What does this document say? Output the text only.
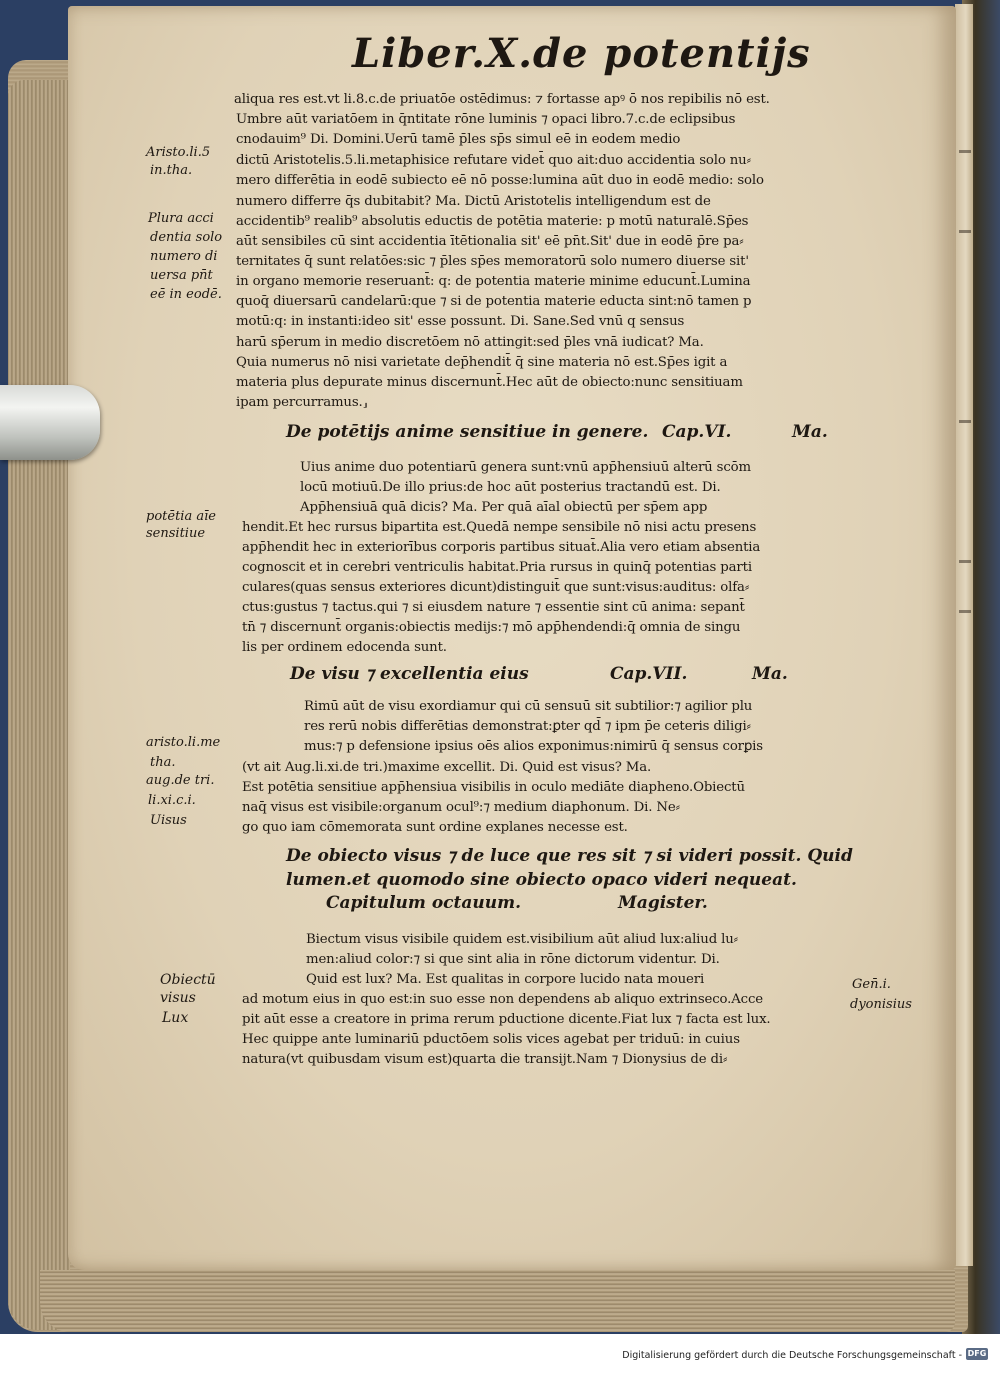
Liber.X.de potentijs
aliqua res est.vt li.8.c.de priuatōe ostēdimus: ⁊ fortasse apꝰ ō nos repibilis nō est.
Umbre aūt variatōem in q̄ntitate rōne luminis ⁊ opaci libro.7.c.de eclipsibus
cnodauim⁹ Di. Domini.Uerū tamē p̄les sp̄s simul eē in eodem medio
dictū Aristotelis.5.li.metaphisice refutare videt̄ quo ait:duo accidentia solo nu⸗
mero differētia in eodē subiecto eē nō posse:lumina aūt duo in eodē medio: solo
numero differre q̄s dubitabit? Ma. Dictū Aristotelis intelligendum est de
accidentib⁹ realib⁹ absolutis eductis de potētia materie: p motū naturalē.Sp̄es
aūt sensibiles cū sint accidentia ītētionalia sit' eē pn̄t.Sit' due in eodē p̄re pa⸗
ternitates q̄ sunt relatōes:sic ⁊ p̄les sp̄es memoratorū solo numero diuerse sit'
in organo memorie reseruant̄: q: de potentia materie minime educunt̄.Lumina
quoq̄ diuersarū candelarū:que ⁊ si de potentia materie educta sint:nō tamen p
motū:q: in instanti:ideo sit' esse possunt. Di. Sane.Sed vnū q sensus
harū sp̄erum in medio discretōem nō attingit:sed p̄les vnā iudicat? Ma.
Quia numerus nō nisi varietate dep̄hendit̄ q̄ sine materia nō est.Sp̄es igit a
materia plus depurate minus discernunt̄.Hec aūt de obiecto:nunc sensitiuam
ipam percurramus.⸥
De potētijs anime sensitiue in genere. Cap.VI.	Ma.
Uius anime duo potentiarū genera sunt:vnū app̄hensiuū alterū scōm
locū motiuū.De illo prius:de hoc aūt posterius tractandū est. Di.
App̄hensiuā quā dicis? Ma. Per quā aīal obiectū per sp̄em app
hendit.Et hec rursus bipartita est.Quedā nempe sensibile nō nisi actu presens
app̄hendit hec in exteriorībus corporis partibus situat̄.Alia vero etiam absentia
cognoscit et in cerebri ventriculis habitat.Pria rursus in quinq̄ potentias parti
culares(quas sensus exteriores dicunt)distinguit̄ que sunt:visus:auditus: olfa⸗
ctus:gustus ⁊ tactus.qui ⁊ si eiusdem nature ⁊ essentie sint cū anima: sepant̄
tn̄ ⁊ discernunt̄ organis:obiectis medijs:⁊ mō app̄hendendi:q̄ omnia de singu
lis per ordinem edocenda sunt.
De visu ⁊ excellentia eius	Cap.VII.	Ma.
Rimū aūt de visu exordiamur qui cū sensuū sit subtilior:⁊ agilior plu
res rerū nobis differētias demonstrat:ꝑter qd̄ ⁊ ipm p̄e ceteris diligi⸗
mus:⁊ p defensione ipsius oēs alios exponimus:nimirū q̄ sensus corꝑis
(vt ait Aug.li.xi.de tri.)maxime excellit. Di. Quid est visus? Ma.
Est potētia sensitiue app̄hensiua visibilis in oculo mediāte diapheno.Obiectū
naq̄ visus est visibile:organum ocul⁹:⁊ medium diaphonum. Di. Ne⸗
go quo iam cōmemorata sunt ordine explanes necesse est.
De obiecto visus ⁊ de luce que res sit ⁊ si videri possit. Quid
lumen.et quomodo sine obiecto opaco videri nequeat.
Capitulum octauum.	Magister.
Biectum visus visibile quidem est.visibilium aūt aliud lux:aliud lu⸗
men:aliud color:⁊ si que sint alia in rōne dictorum videntur. Di.
Quid est lux? Ma. Est qualitas in corpore lucido nata moueri
ad motum eius in quo est:in suo esse non dependens ab aliquo extrinseco.Acce
pit aūt esse a creatore in prima rerum pductione dicente.Fiat lux ⁊ facta est lux.
Hec quippe ante luminariū pductōem solis vices agebat per triduū: in cuius
natura(vt quibusdam visum est)quarta die transijt.Nam ⁊ Dionysius de di⸗
Aristo.li.5
in.tha.
Plura acci
dentia solo
numero di
uersa pn̄t
eē in eodē.
potētia aīe
sensitiue
aristo.li.me
tha.
aug.de tri.
li.xi.c.i.
Uisus
Obiectū
visus
Lux
Gen̄.i.
dyonisius
Digitalisierung gefördert durch die Deutsche Forschungsgemeinschaft - DFG
